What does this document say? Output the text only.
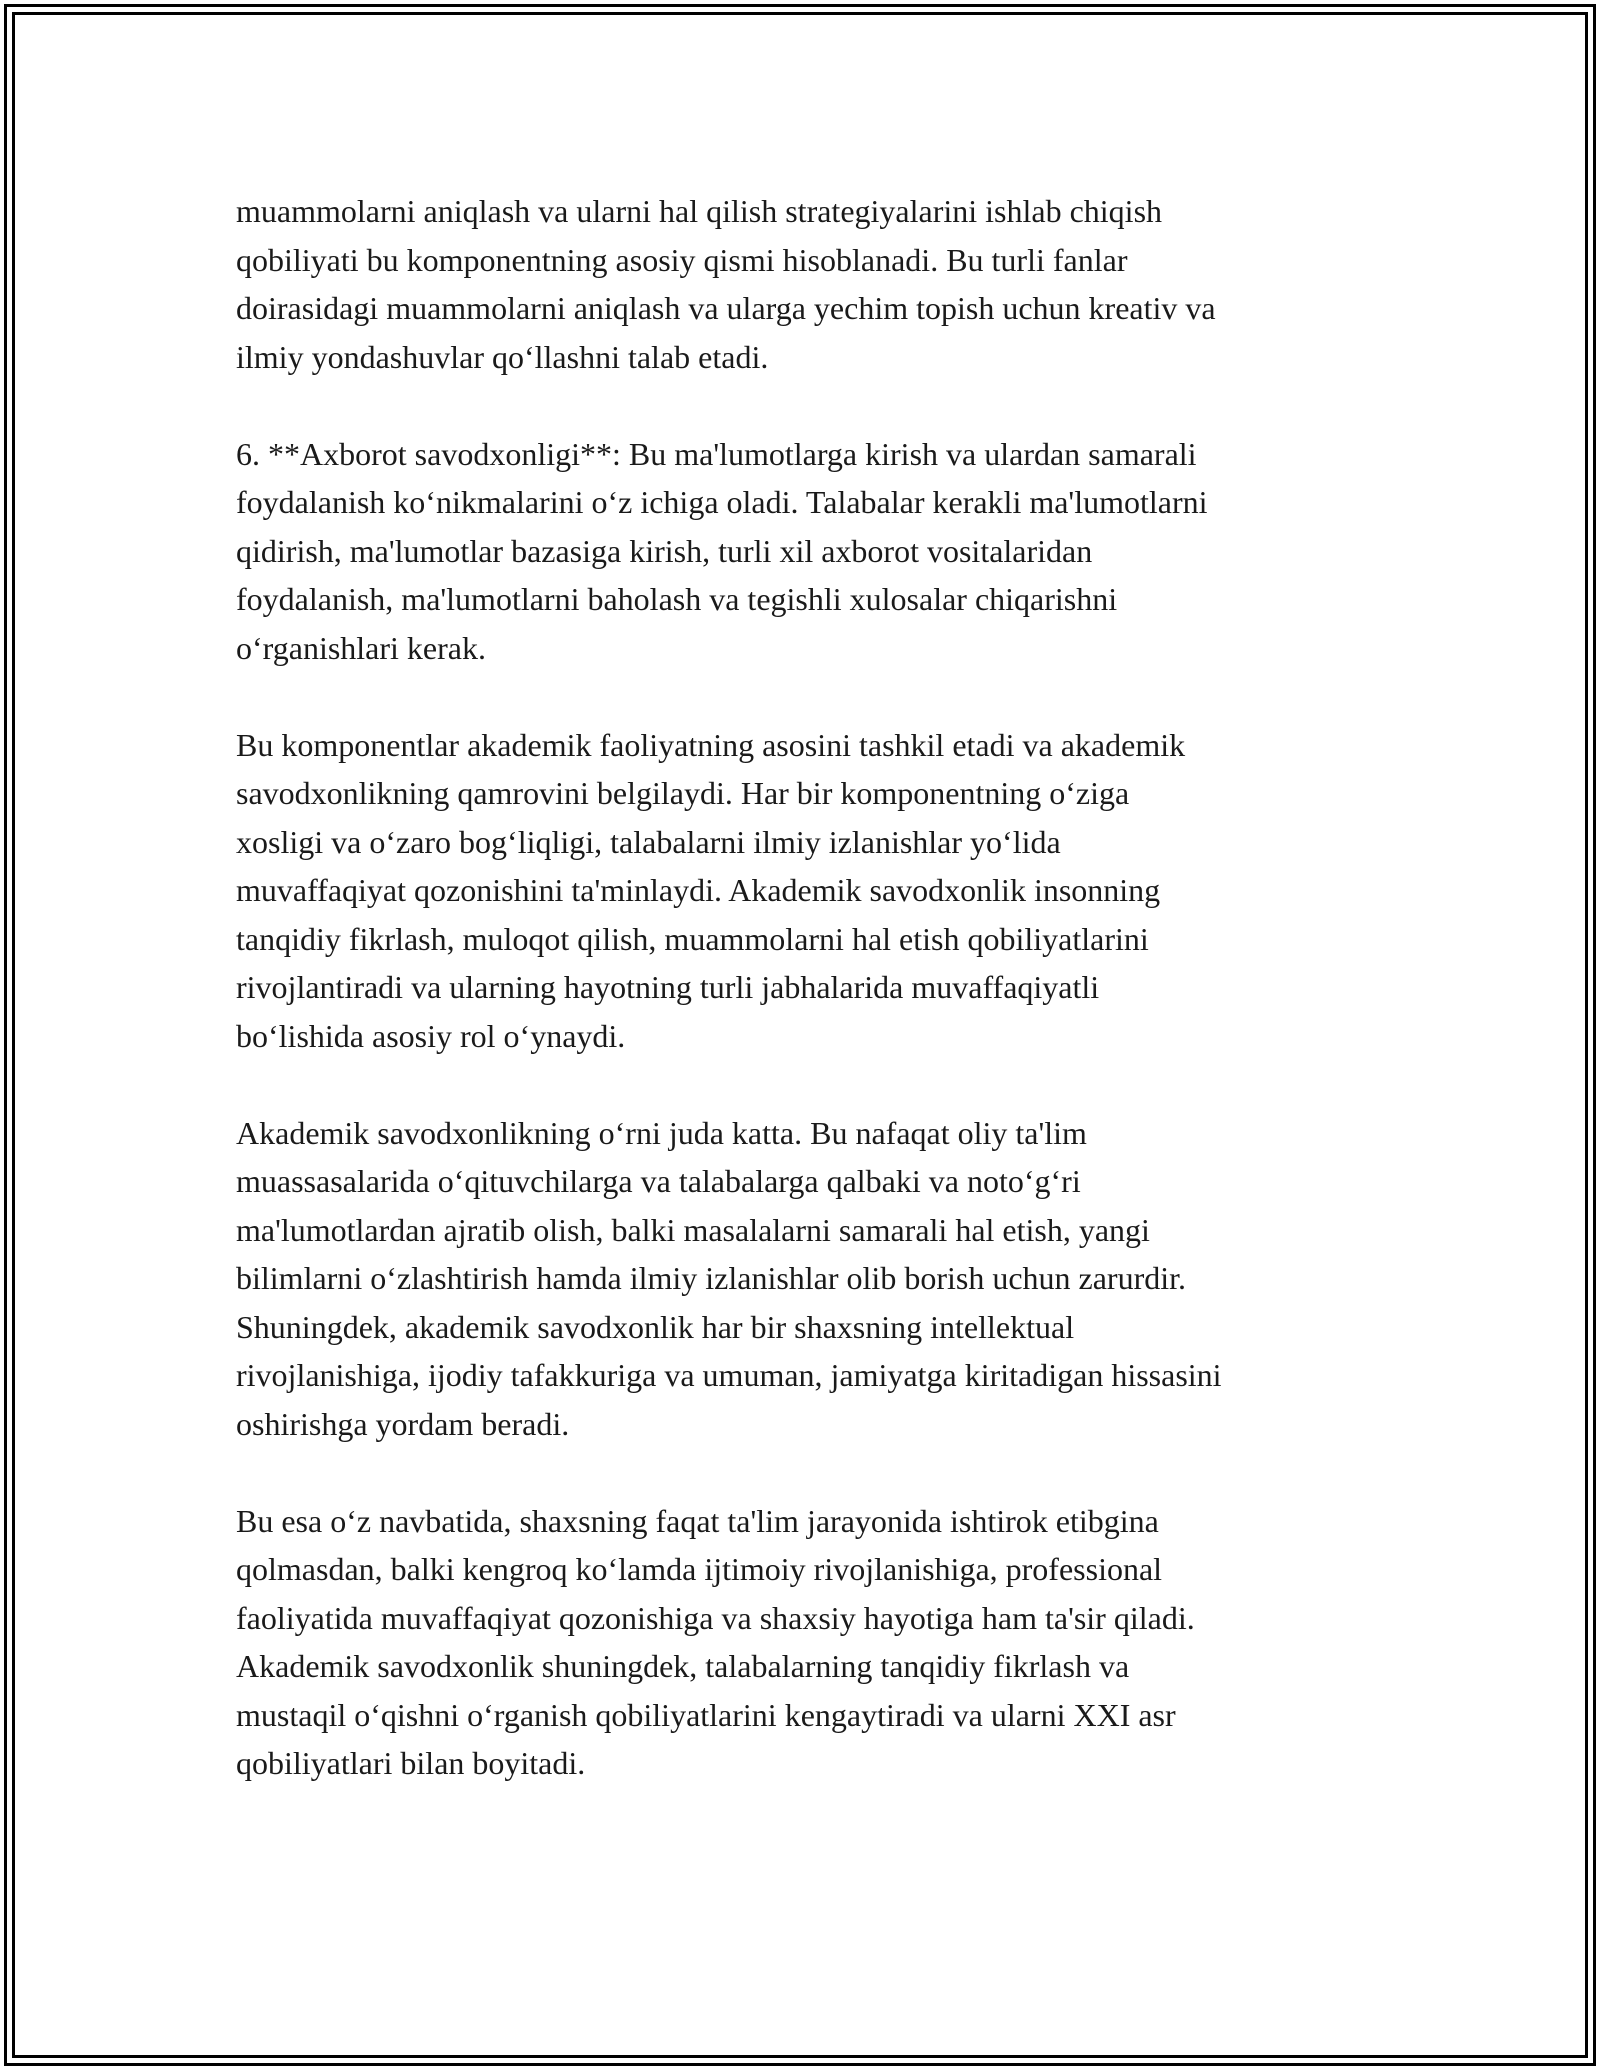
muammolarni aniqlash va ularni hal qilish strategiyalarini ishlab chiqish
qobiliyati bu komponentning asosiy qismi hisoblanadi. Bu turli fanlar
doirasidagi muammolarni aniqlash va ularga yechim topish uchun kreativ va
ilmiy yondashuvlar qo‘llashni talab etadi.

6. **Axborot savodxonligi**: Bu ma'lumotlarga kirish va ulardan samarali
foydalanish ko‘nikmalarini o‘z ichiga oladi. Talabalar kerakli ma'lumotlarni
qidirish, ma'lumotlar bazasiga kirish, turli xil axborot vositalaridan
foydalanish, ma'lumotlarni baholash va tegishli xulosalar chiqarishni
o‘rganishlari kerak.

Bu komponentlar akademik faoliyatning asosini tashkil etadi va akademik
savodxonlikning qamrovini belgilaydi. Har bir komponentning o‘ziga
xosligi va o‘zaro bog‘liqligi, talabalarni ilmiy izlanishlar yo‘lida
muvaffaqiyat qozonishini ta'minlaydi. Akademik savodxonlik insonning
tanqidiy fikrlash, muloqot qilish, muammolarni hal etish qobiliyatlarini
rivojlantiradi va ularning hayotning turli jabhalarida muvaffaqiyatli
bo‘lishida asosiy rol o‘ynaydi.

Akademik savodxonlikning o‘rni juda katta. Bu nafaqat oliy ta'lim
muassasalarida o‘qituvchilarga va talabalarga qalbaki va noto‘g‘ri
ma'lumotlardan ajratib olish, balki masalalarni samarali hal etish, yangi
bilimlarni o‘zlashtirish hamda ilmiy izlanishlar olib borish uchun zarurdir.
Shuningdek, akademik savodxonlik har bir shaxsning intellektual
rivojlanishiga, ijodiy tafakkuriga va umuman, jamiyatga kiritadigan hissasini
oshirishga yordam beradi.

Bu esa o‘z navbatida, shaxsning faqat ta'lim jarayonida ishtirok etibgina
qolmasdan, balki kengroq ko‘lamda ijtimoiy rivojlanishiga, professional
faoliyatida muvaffaqiyat qozonishiga va shaxsiy hayotiga ham ta'sir qiladi.
Akademik savodxonlik shuningdek, talabalarning tanqidiy fikrlash va
mustaqil o‘qishni o‘rganish qobiliyatlarini kengaytiradi va ularni XXI asr
qobiliyatlari bilan boyitadi.
